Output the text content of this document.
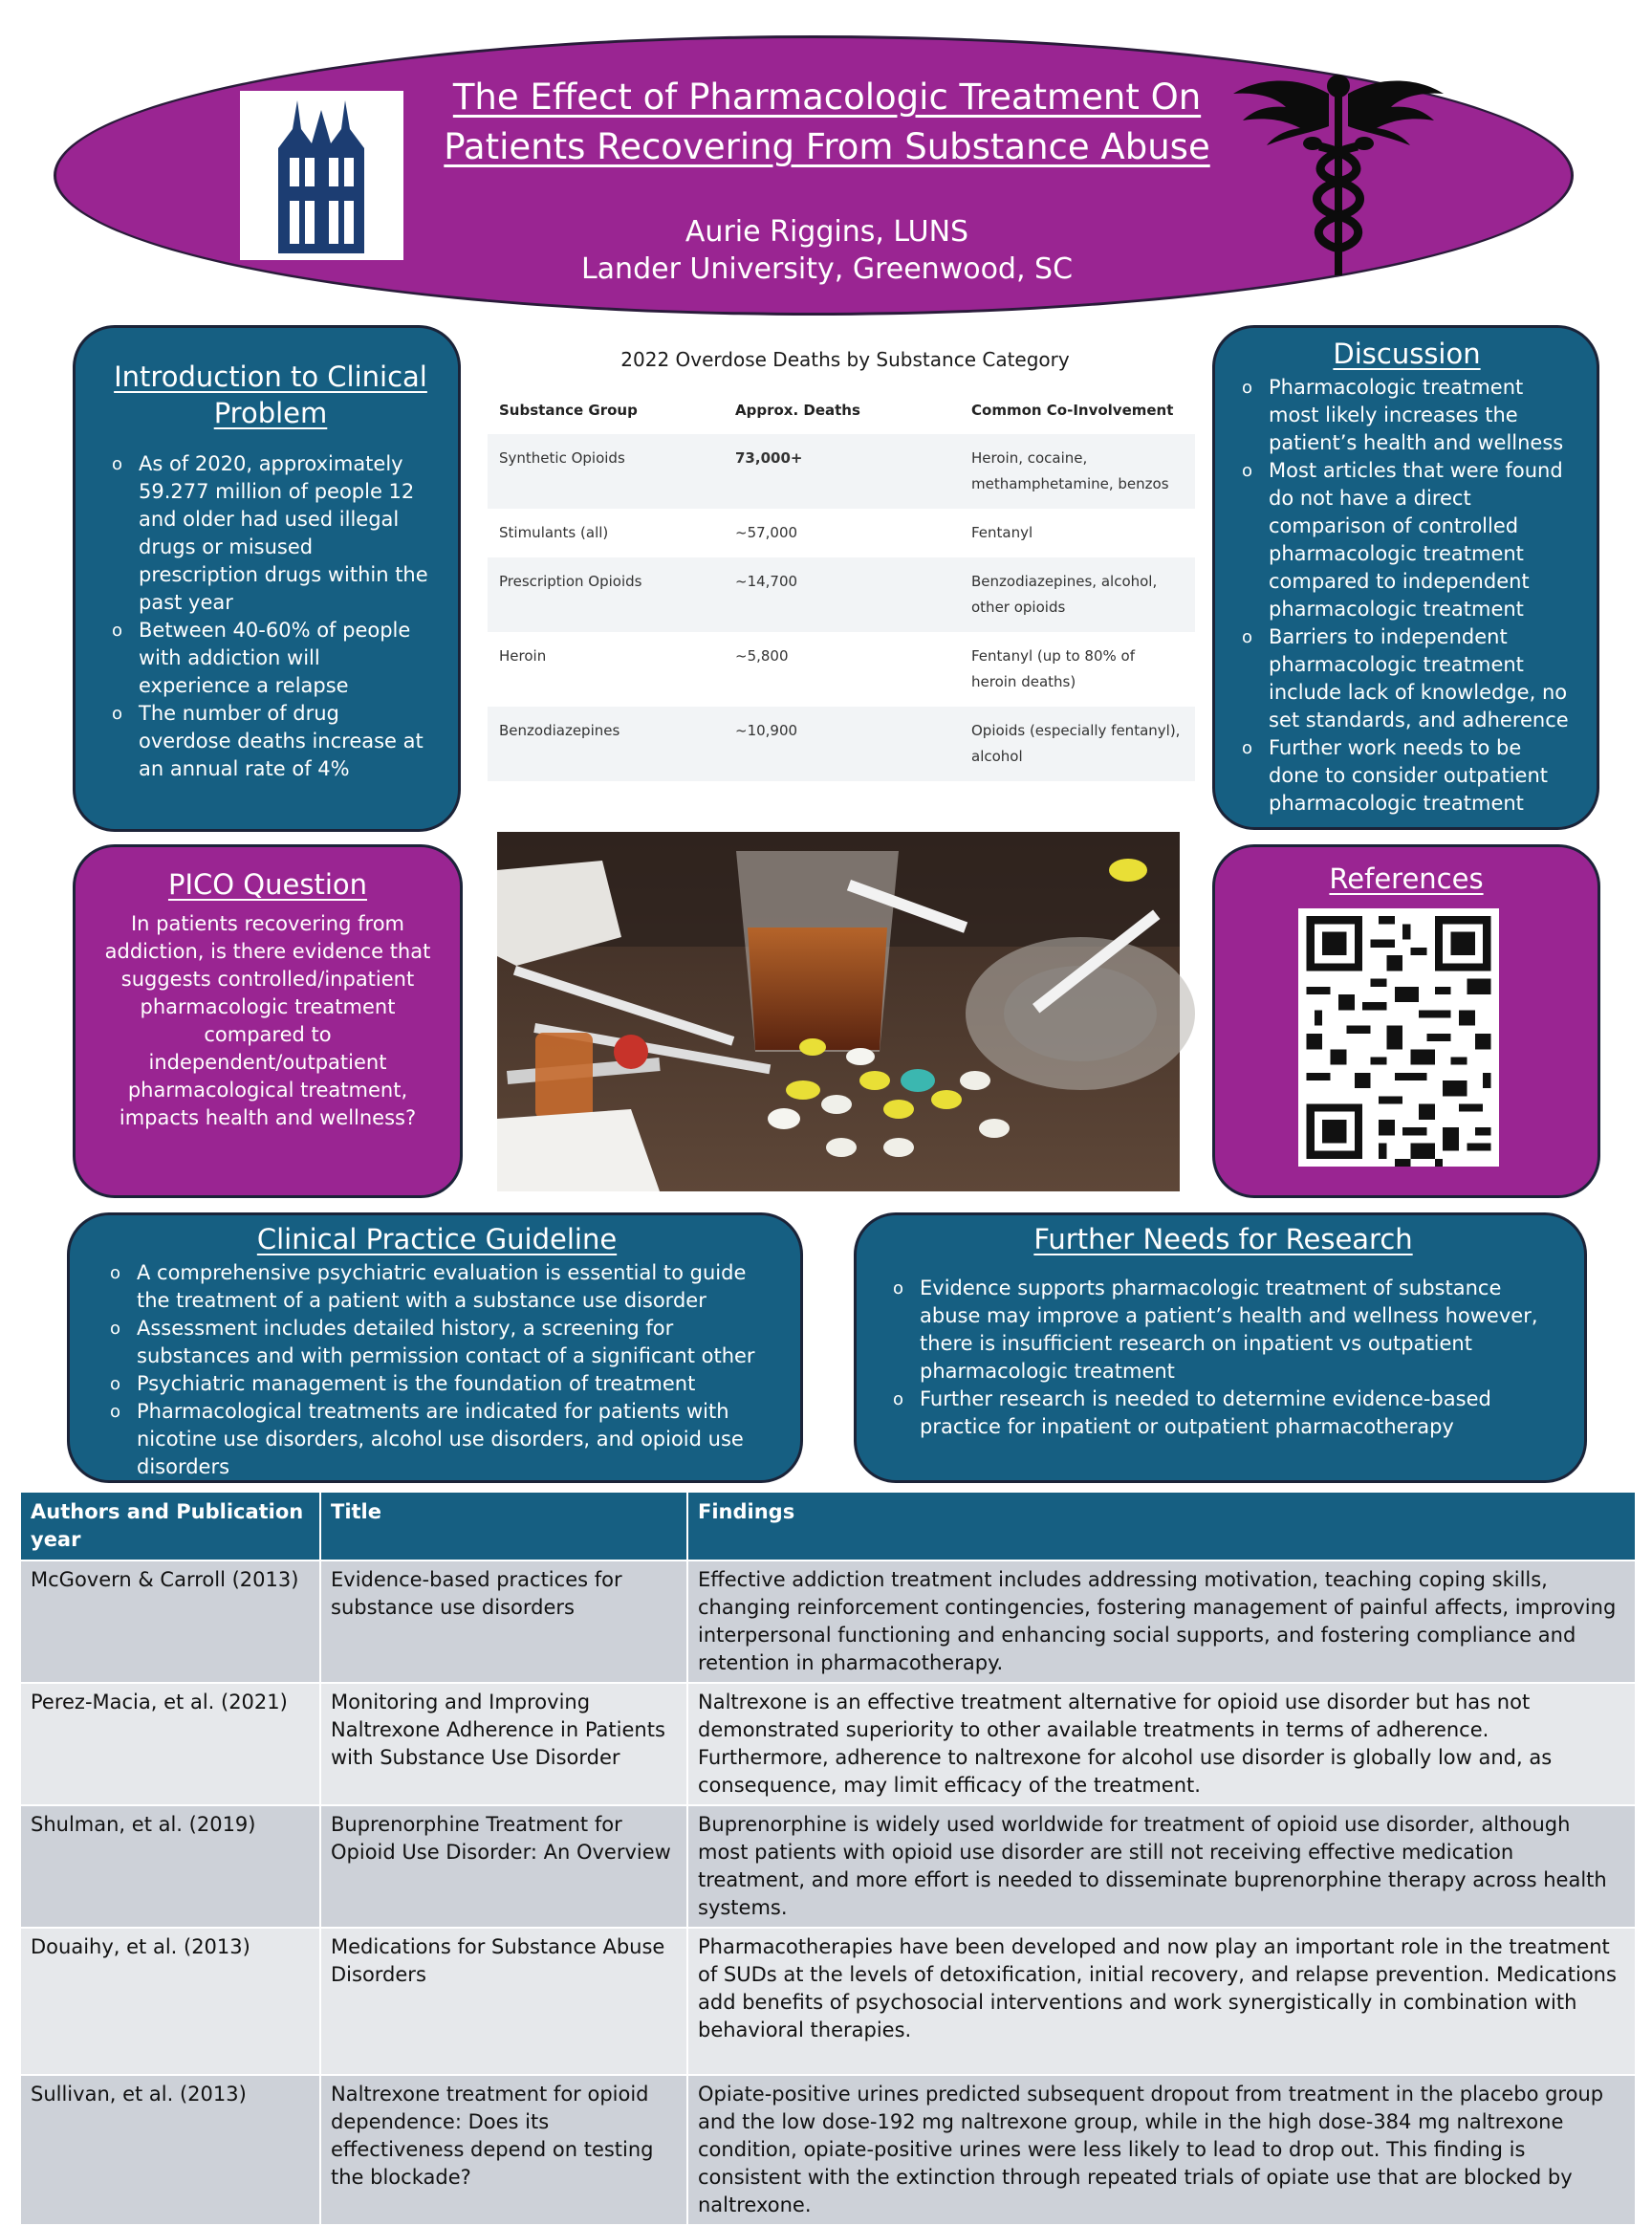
The Effect of Pharmacologic Treatment On
Patients Recovering From Substance Abuse
Aurie Riggins, LUNS
Lander University, Greenwood, SC
Introduction to Clinical Problem
o As of 2020, approximately 59.277 million of people 12 and older had used illegal drugs or misused prescription drugs within the past year
o Between 40-60% of people with addiction will experience a relapse
o The number of drug overdose deaths increase at an annual rate of 4%
2022 Overdose Deaths by Substance Category
Substance Group	Approx. Deaths	Common Co-Involvement
Synthetic Opioids	73,000+	Heroin, cocaine, methamphetamine, benzos
Stimulants (all)	~57,000	Fentanyl
Prescription Opioids	~14,700	Benzodiazepines, alcohol, other opioids
Heroin	~5,800	Fentanyl (up to 80% of heroin deaths)
Benzodiazepines	~10,900	Opioids (especially fentanyl), alcohol
Discussion
o Pharmacologic treatment most likely increases the patient’s health and wellness
o Most articles that were found do not have a direct comparison of controlled pharmacologic treatment compared to independent pharmacologic treatment
o Barriers to independent pharmacologic treatment include lack of knowledge, no set standards, and adherence
o Further work needs to be done to consider outpatient pharmacologic treatment
PICO Question

In patients recovering from addiction, is there evidence that suggests controlled/inpatient pharmacologic treatment compared to independent/outpatient pharmacological treatment, impacts health and wellness?

References
Clinical Practice Guideline
o A comprehensive psychiatric evaluation is essential to guide the treatment of a patient with a substance use disorder
o Assessment includes detailed history, a screening for substances and with permission contact of a significant other
o Psychiatric management is the foundation of treatment
o Pharmacological treatments are indicated for patients with nicotine use disorders, alcohol use disorders, and opioid use disorders
Further Needs for Research
o Evidence supports pharmacologic treatment of substance abuse may improve a patient’s health and wellness however, there is insufficient research on inpatient vs outpatient pharmacologic treatment
o Further research is needed to determine evidence-based practice for inpatient or outpatient pharmacotherapy
Authors and Publication year	Title	Findings
McGovern & Carroll (2013)	Evidence-based practices for substance use disorders	Effective addiction treatment includes addressing motivation, teaching coping skills, changing reinforcement contingencies, fostering management of painful affects, improving interpersonal functioning and enhancing social supports, and fostering compliance and retention in pharmacotherapy.
Perez-Macia, et al. (2021)	Monitoring and Improving Naltrexone Adherence in Patients with Substance Use Disorder	Naltrexone is an effective treatment alternative for opioid use disorder but has not demonstrated superiority to other available treatments in terms of adherence. Furthermore, adherence to naltrexone for alcohol use disorder is globally low and, as consequence, may limit efficacy of the treatment.
Shulman, et al. (2019)	Buprenorphine Treatment for Opioid Use Disorder: An Overview	Buprenorphine is widely used worldwide for treatment of opioid use disorder, although most patients with opioid use disorder are still not receiving effective medication treatment, and more effort is needed to disseminate buprenorphine therapy across health systems.
Douaihy, et al. (2013)	Medications for Substance Abuse Disorders	Pharmacotherapies have been developed and now play an important role in the treatment of SUDs at the levels of detoxification, initial recovery, and relapse prevention. Medications add benefits of psychosocial interventions and work synergistically in combination with behavioral therapies.
Sullivan, et al. (2013)	Naltrexone treatment for opioid dependence: Does its effectiveness depend on testing the blockade?	Opiate-positive urines predicted subsequent dropout from treatment in the placebo group and the low dose-192 mg naltrexone group, while in the high dose-384 mg naltrexone condition, opiate-positive urines were less likely to lead to drop out. This finding is consistent with the extinction through repeated trials of opiate use that are blocked by naltrexone.
